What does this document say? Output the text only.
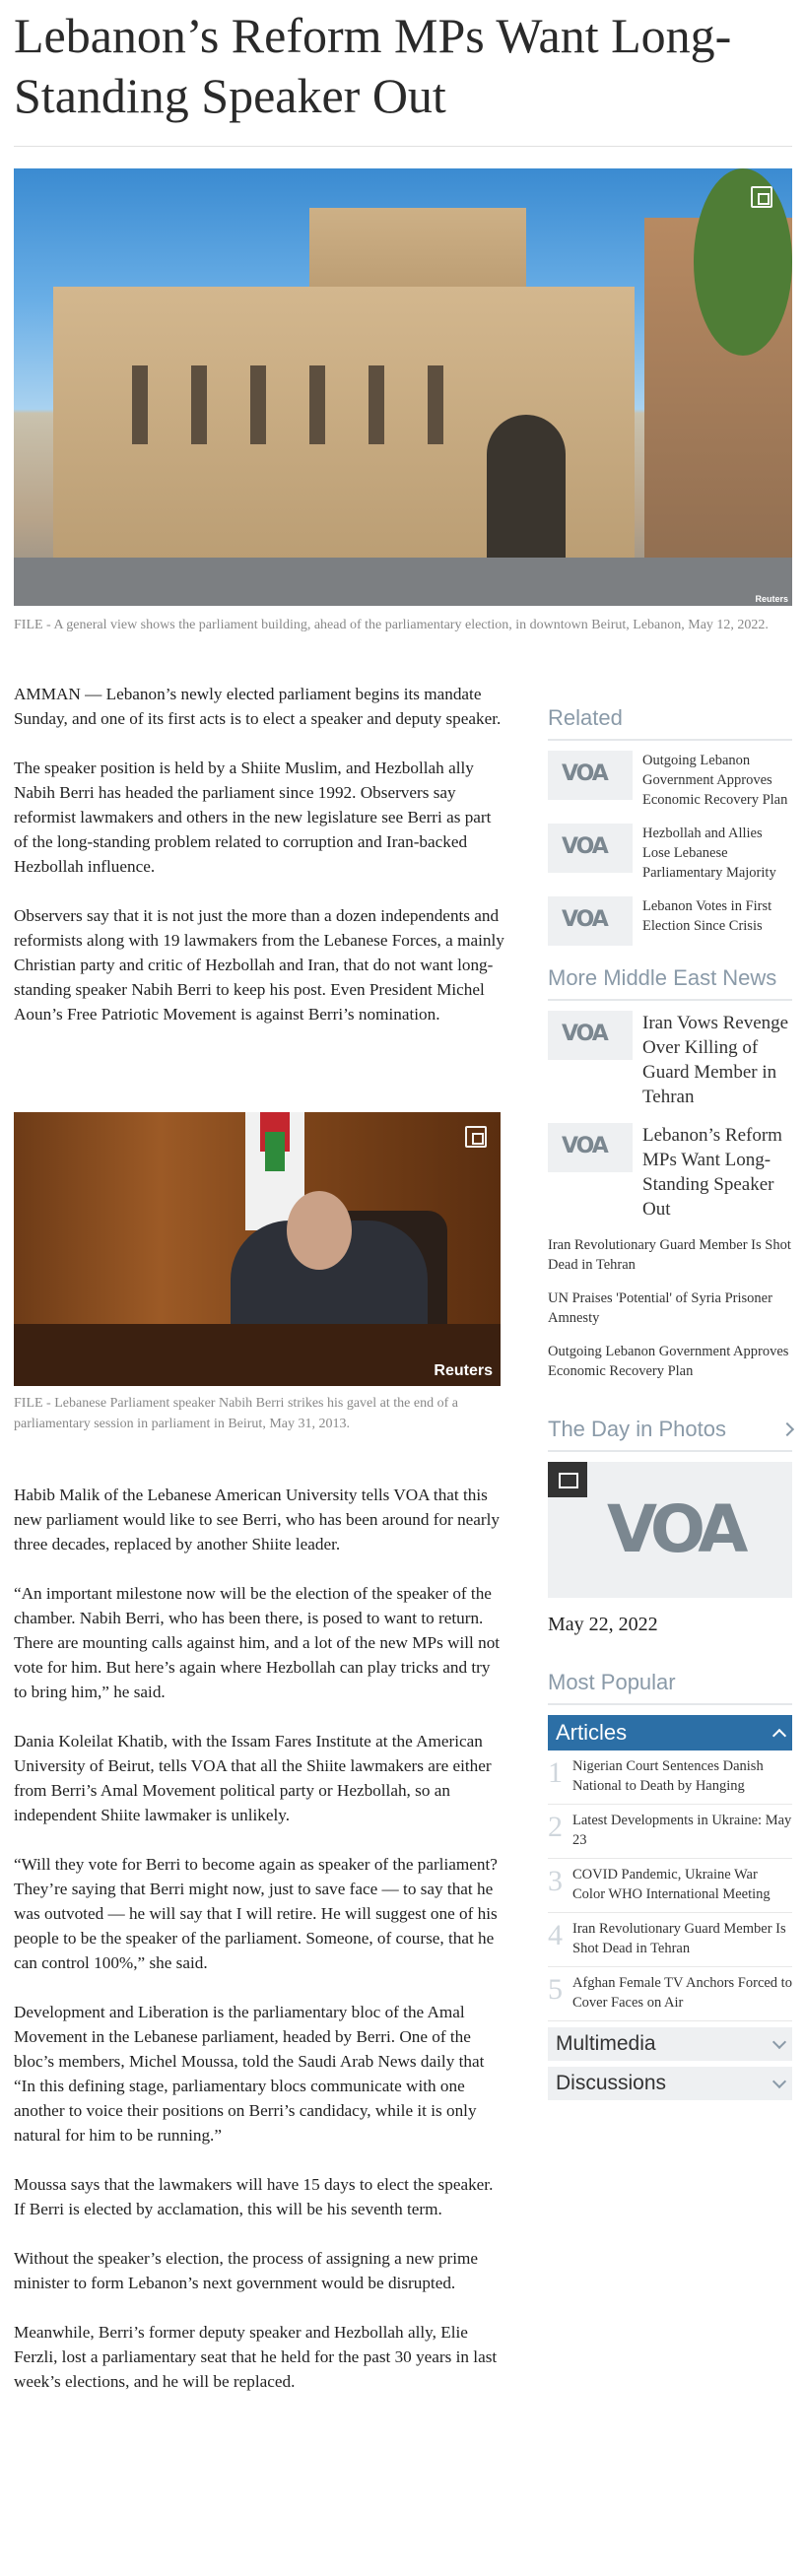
Lebanon’s Reform MPs Want Long-Standing Speaker Out
Reuters
FILE - A general view shows the parliament building, ahead of the parliamentary election, in downtown Beirut, Lebanon, May 12, 2022.

AMMAN — Lebanon’s newly elected parliament begins its mandate Sunday, and one of its first acts is to elect a speaker and deputy speaker.

The speaker position is held by a Shiite Muslim, and Hezbollah ally Nabih Berri has headed the parliament since 1992. Observers say reformist lawmakers and others in the new legislature see Berri as part of the long-standing problem related to corruption and Iran-backed Hezbollah influence.

Observers say that it is not just the more than a dozen independents and reformists along with 19 lawmakers from the Lebanese Forces, a mainly Christian party and critic of Hezbollah and Iran, that do not want long-standing speaker Nabih Berri to keep his post. Even President Michel Aoun’s Free Patriotic Movement is against Berri’s nomination.

Reuters
FILE - Lebanese Parliament speaker Nabih Berri strikes his gavel at the end of a parliamentary session in parliament in Beirut, May 31, 2013.

Habib Malik of the Lebanese American University tells VOA that this new parliament would like to see Berri, who has been around for nearly three decades, replaced by another Shiite leader.

“An important milestone now will be the election of the speaker of the chamber. Nabih Berri, who has been there, is posed to want to return. There are mounting calls against him, and a lot of the new MPs will not vote for him. But here’s again where Hezbollah can play tricks and try to bring him,” he said.

Dania Koleilat Khatib, with the Issam Fares Institute at the American University of Beirut, tells VOA that all the Shiite lawmakers are either from Berri’s Amal Movement political party or Hezbollah, so an independent Shiite lawmaker is unlikely.

“Will they vote for Berri to become again as speaker of the parliament? They’re saying that Berri might now, just to save face — to say that he was outvoted — he will say that I will retire. He will suggest one of his people to be the speaker of the parliament. Someone, of course, that he can control 100%,” she said.

Development and Liberation is the parliamentary bloc of the Amal Movement in the Lebanese parliament, headed by Berri. One of the bloc’s members, Michel Moussa, told the Saudi Arab News daily that “In this defining stage, parliamentary blocs communicate with one another to voice their positions on Berri’s candidacy, while it is only natural for him to be running.”

Moussa says that the lawmakers will have 15 days to elect the speaker. If Berri is elected by acclamation, this will be his seventh term.

Without the speaker’s election, the process of assigning a new prime minister to form Lebanon’s next government would be disrupted.

Meanwhile, Berri’s former deputy speaker and Hezbollah ally, Elie Ferzli, lost a parliamentary seat that he held for the past 30 years in last week’s elections, and he will be replaced.

Related
VOA
Outgoing Lebanon Government Approves Economic Recovery Plan
VOA
Hezbollah and Allies Lose Lebanese Parliamentary Majority
VOA
Lebanon Votes in First Election Since Crisis
More Middle East News
VOA Iran Vows Revenge Over Killing of Guard Member in Tehran
VOA Lebanon’s Reform MPs Want Long-Standing Speaker Out
Iran Revolutionary Guard Member Is Shot Dead in Tehran
UN Praises 'Potential' of Syria Prisoner Amnesty
Outgoing Lebanon Government Approves Economic Recovery Plan
The Day in Photos
VOA
May 22, 2022
Most Popular
Articles
1 Nigerian Court Sentences Danish National to Death by Hanging
2 Latest Developments in Ukraine: May 23
3 COVID Pandemic, Ukraine War Color WHO International Meeting
4 Iran Revolutionary Guard Member Is Shot Dead in Tehran
5 Afghan Female TV Anchors Forced to Cover Faces on Air
Multimedia
Discussions
